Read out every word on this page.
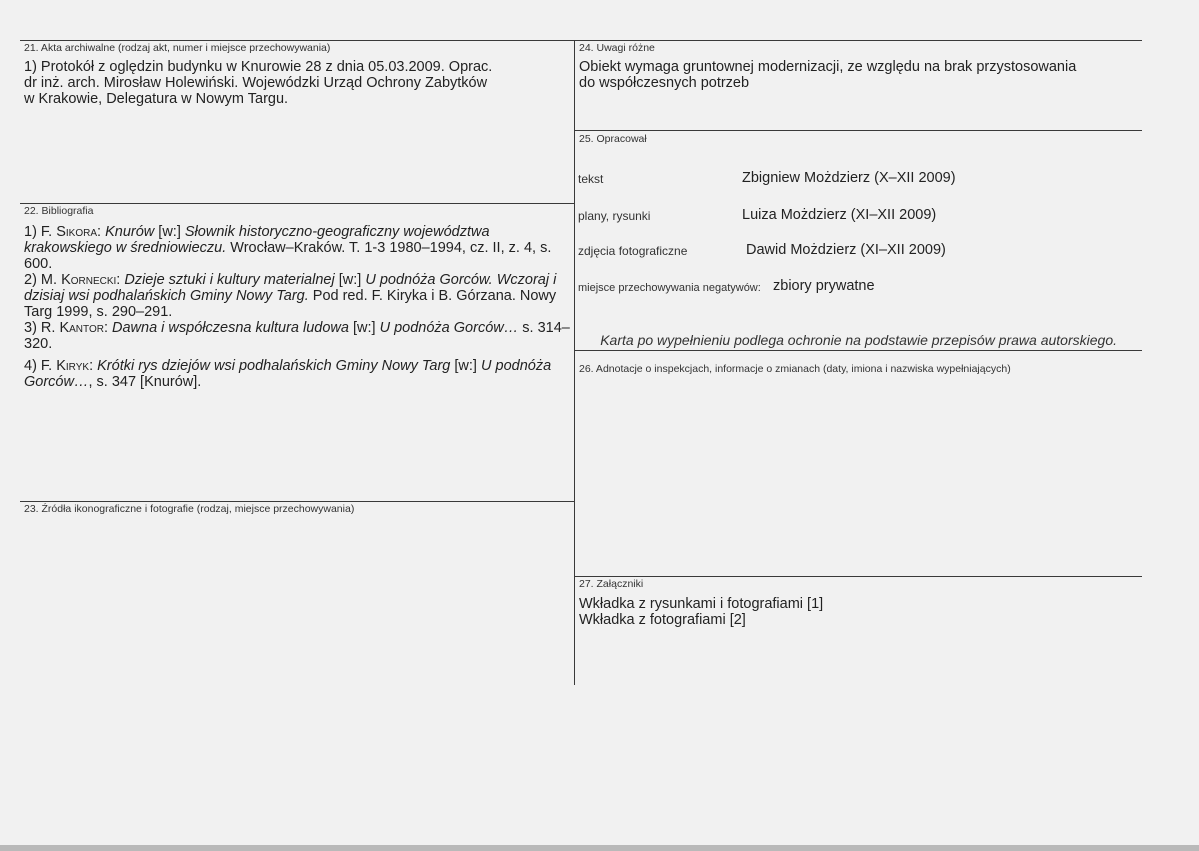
21. Akta archiwalne (rodzaj akt, numer i miejsce przechowywania)

1) Protokół z oględzin budynku w Knurowie 28 z dnia 05.03.2009. Oprac.

dr inż. arch. Mirosław Holewiński. Wojewódzki Urząd Ochrony Zabytków

w Krakowie, Delegatura w Nowym Targu.

22. Bibliografia

1) F. Sikora: Knurów [w:] Słownik historyczno-geograficzny województwa krakowskiego w średniowieczu. Wrocław–Kraków. T. 1-3 1980–1994, cz. II, z. 4, s. 600.

2) M. Kornecki: Dzieje sztuki i kultury materialnej [w:] U podnóża Gorców. Wczoraj i dzisiaj wsi podhalańskich Gminy Nowy Targ. Pod red. F. Kiryka i B. Górzana. Nowy Targ 1999, s. 290–291.

3) R. Kantor: Dawna i współczesna kultura ludowa [w:] U podnóża Gorców… s. 314–320.

4) F. Kiryk: Krótki rys dziejów wsi podhalańskich Gminy Nowy Targ [w:] U podnóża Gorców…, s. 347 [Knurów].

23. Źródła ikonograficzne i fotografie (rodzaj, miejsce przechowywania)
24. Uwagi różne

Obiekt wymaga gruntownej modernizacji, ze względu na brak przystosowania

do współczesnych potrzeb

25. Opracował
tekst	Zbigniew Możdzierz (X–XII 2009)
plany, rysunki	Luiza Możdzierz (XI–XII 2009)
zdjęcia fotograficzne	Dawid Możdzierz (XI–XII 2009)
miejsce przechowywania negatywów: zbiory prywatne
Karta po wypełnieniu podlega ochronie na podstawie przepisów prawa autorskiego.
26. Adnotacje o inspekcjach, informacje o zmianach (daty, imiona i nazwiska wypełniających)
27. Załączniki

Wkładka z rysunkami i fotografiami [1]

Wkładka z fotografiami [2]
